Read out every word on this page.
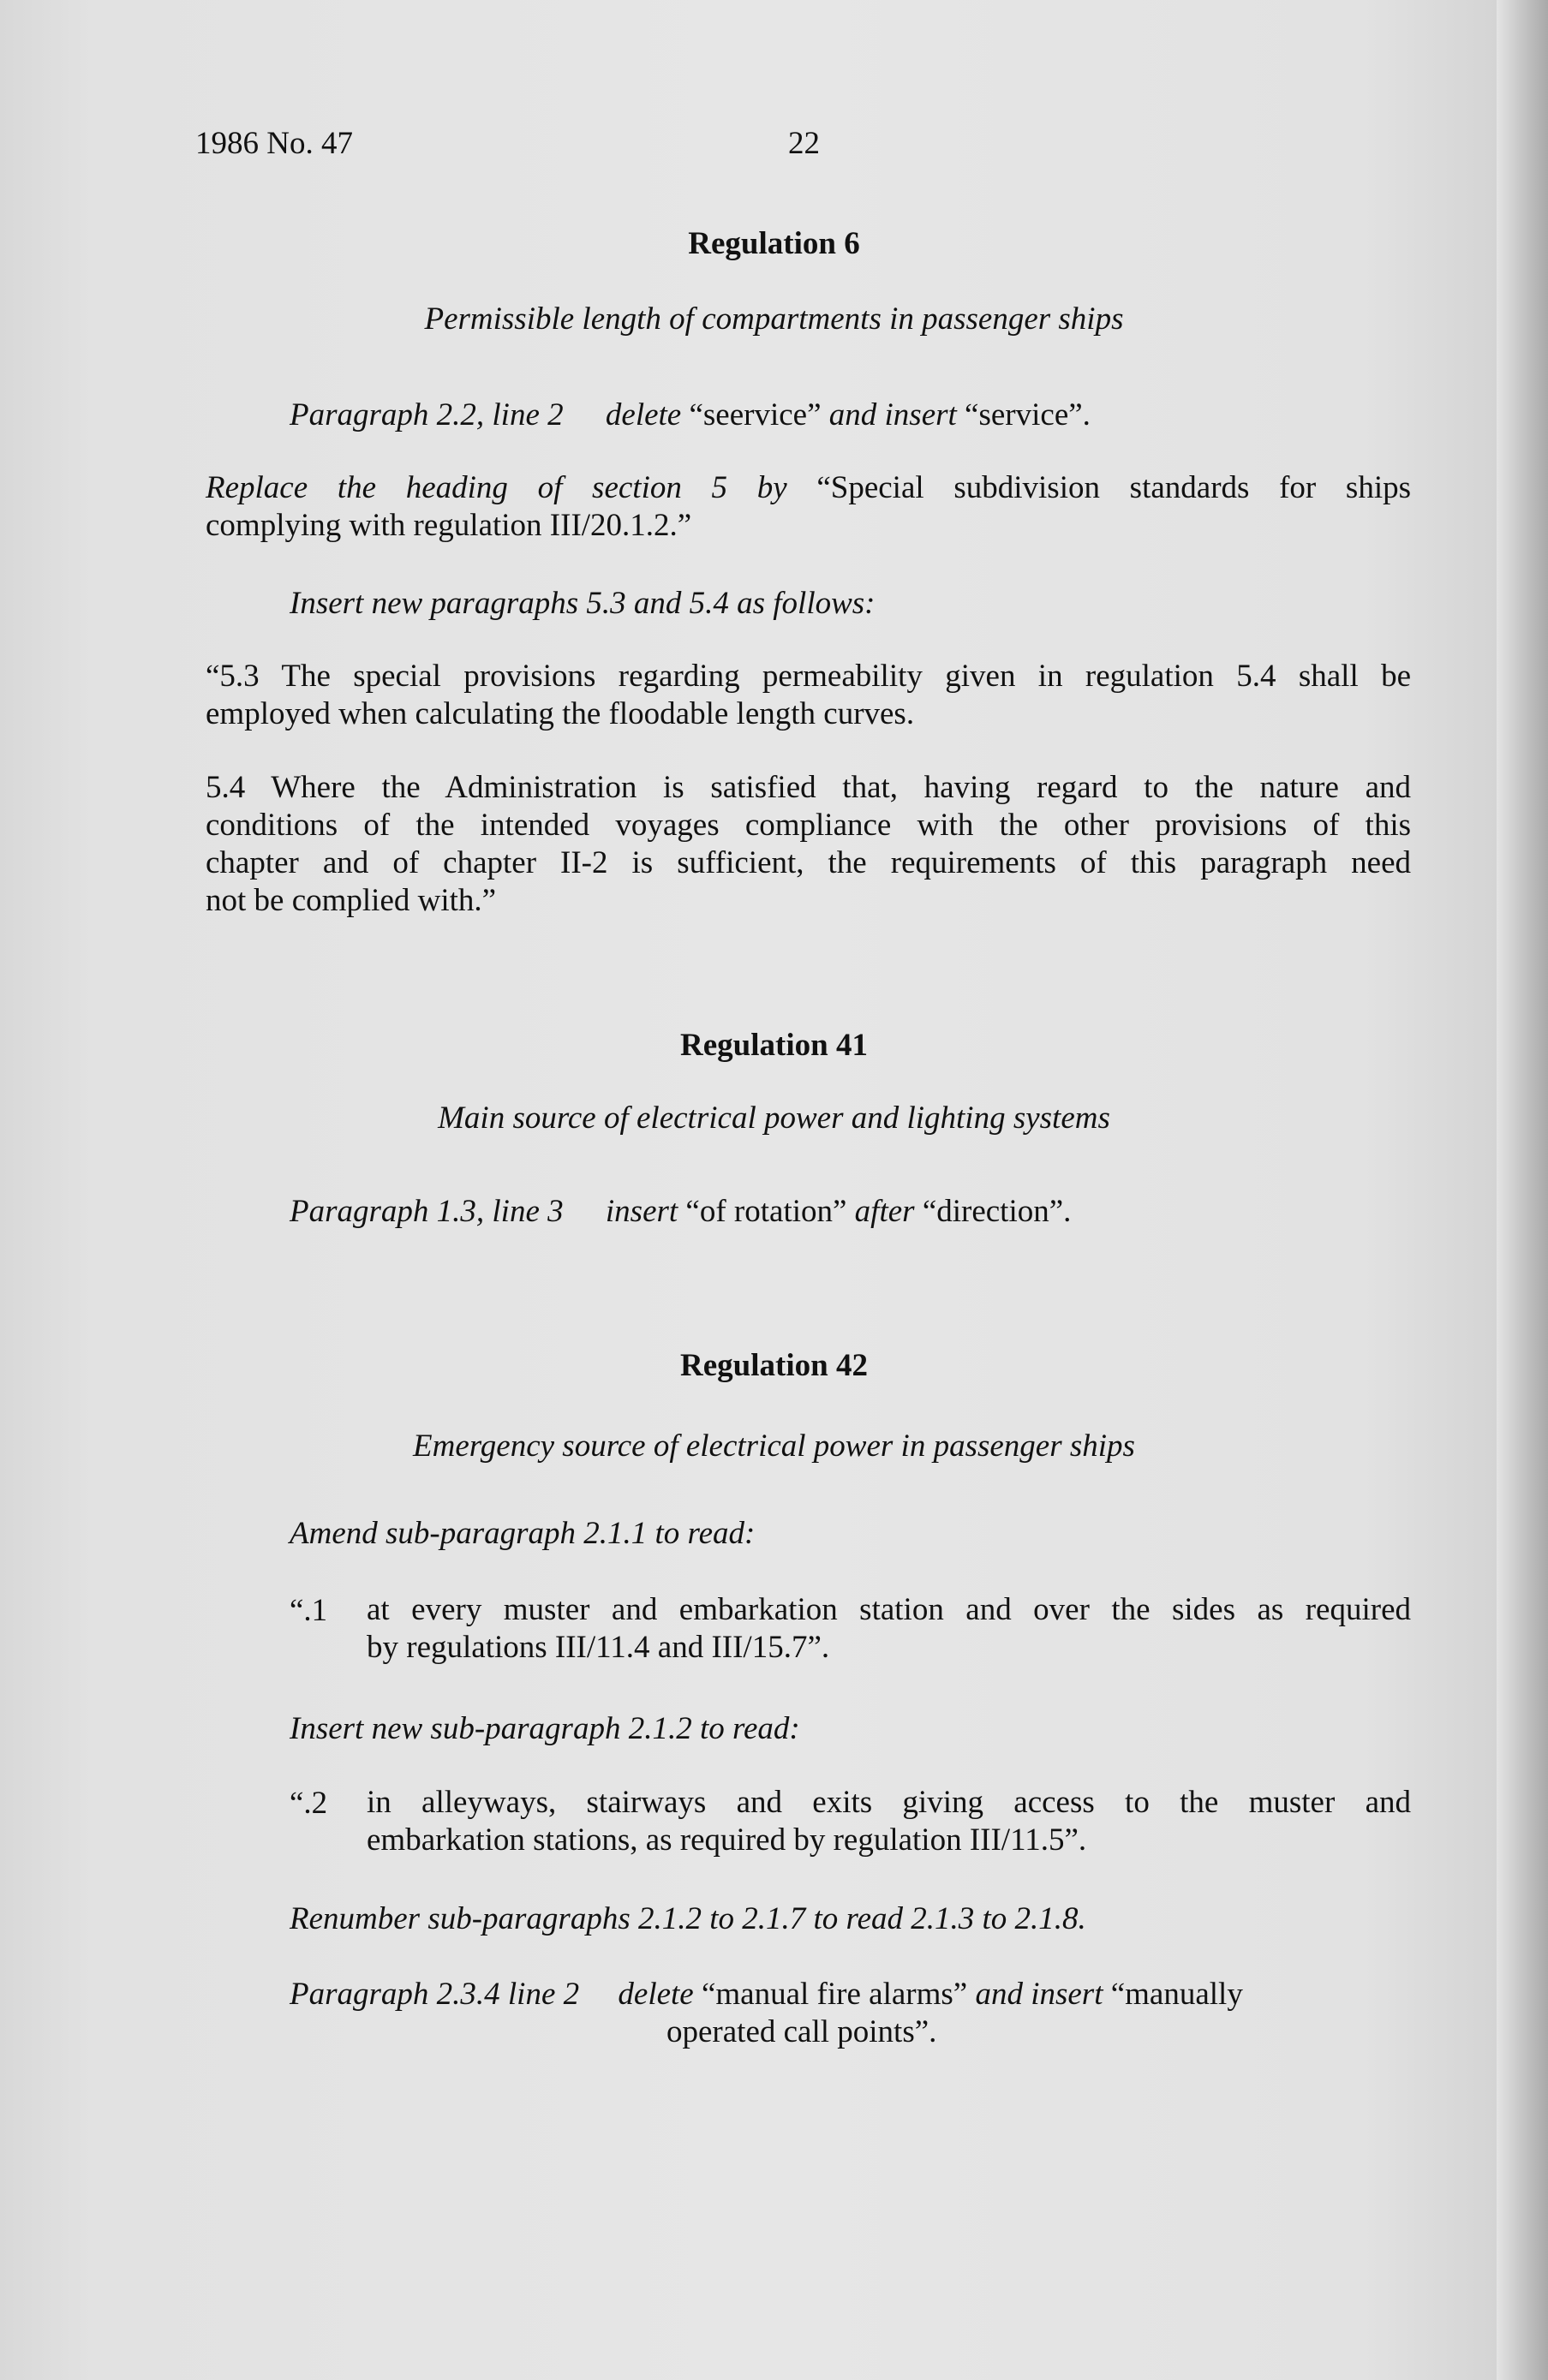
1986 No. 47	22
Regulation 6
Permissible length of compartments in passenger ships
Paragraph 2.2, line 2 delete “seervice” and insert “service”.
Replace the heading of section 5 by “Special subdivision standards for ships
complying with regulation III/20.1.2.”
Insert new paragraphs 5.3 and 5.4 as follows:
“5.3 The special provisions regarding permeability given in regulation 5.4 shall be
employed when calculating the floodable length curves.
5.4 Where the Administration is satisfied that, having regard to the nature and
conditions of the intended voyages compliance with the other provisions of this
chapter and of chapter II-2 is sufficient, the requirements of this paragraph need
not be complied with.”
Regulation 41
Main source of electrical power and lighting systems
Paragraph 1.3, line 3 insert “of rotation” after “direction”.
Regulation 42
Emergency source of electrical power in passenger ships
Amend sub-paragraph 2.1.1 to read:
“.1 at every muster and embarkation station and over the sides as required
by regulations III/11.4 and III/15.7”.
Insert new sub-paragraph 2.1.2 to read:
“.2 in alleyways, stairways and exits giving access to the muster and
embarkation stations, as required by regulation III/11.5”.
Renumber sub-paragraphs 2.1.2 to 2.1.7 to read 2.1.3 to 2.1.8.
Paragraph 2.3.4 line 2 delete “manual fire alarms” and insert “manually
operated call points”.
